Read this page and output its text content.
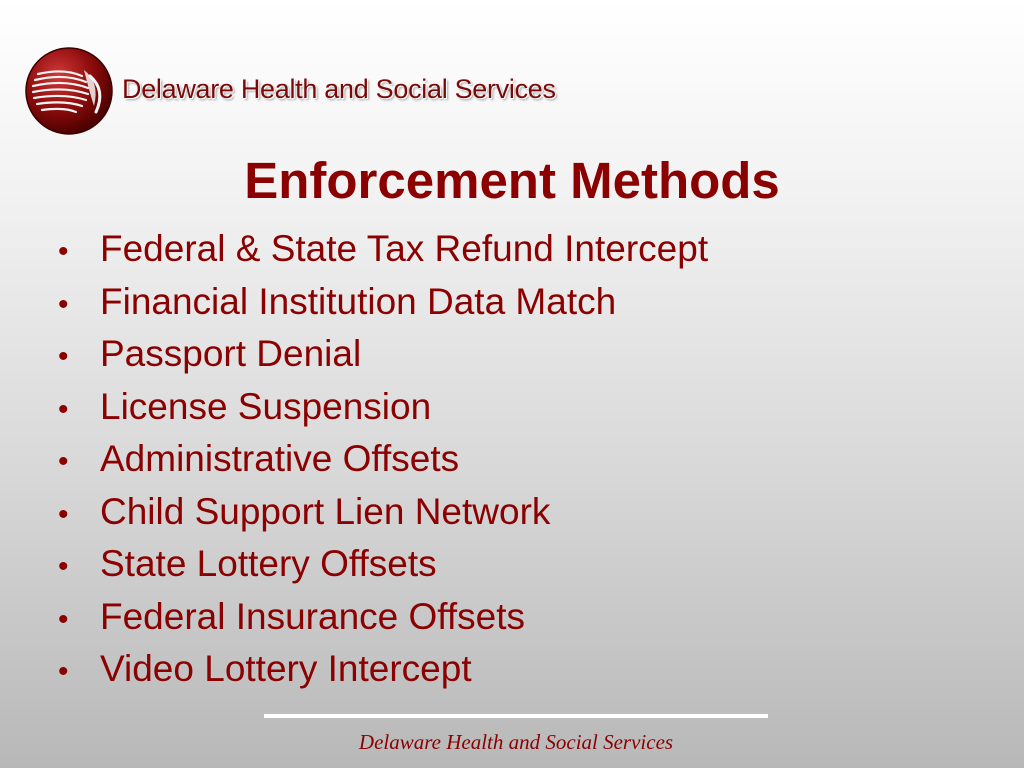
Delaware Health and Social Services
Enforcement Methods
• Federal & State Tax Refund Intercept
• Financial Institution Data Match
• Passport Denial
• License Suspension
• Administrative Offsets
• Child Support Lien Network
• State Lottery Offsets
• Federal Insurance Offsets
• Video Lottery Intercept
Delaware Health and Social Services
